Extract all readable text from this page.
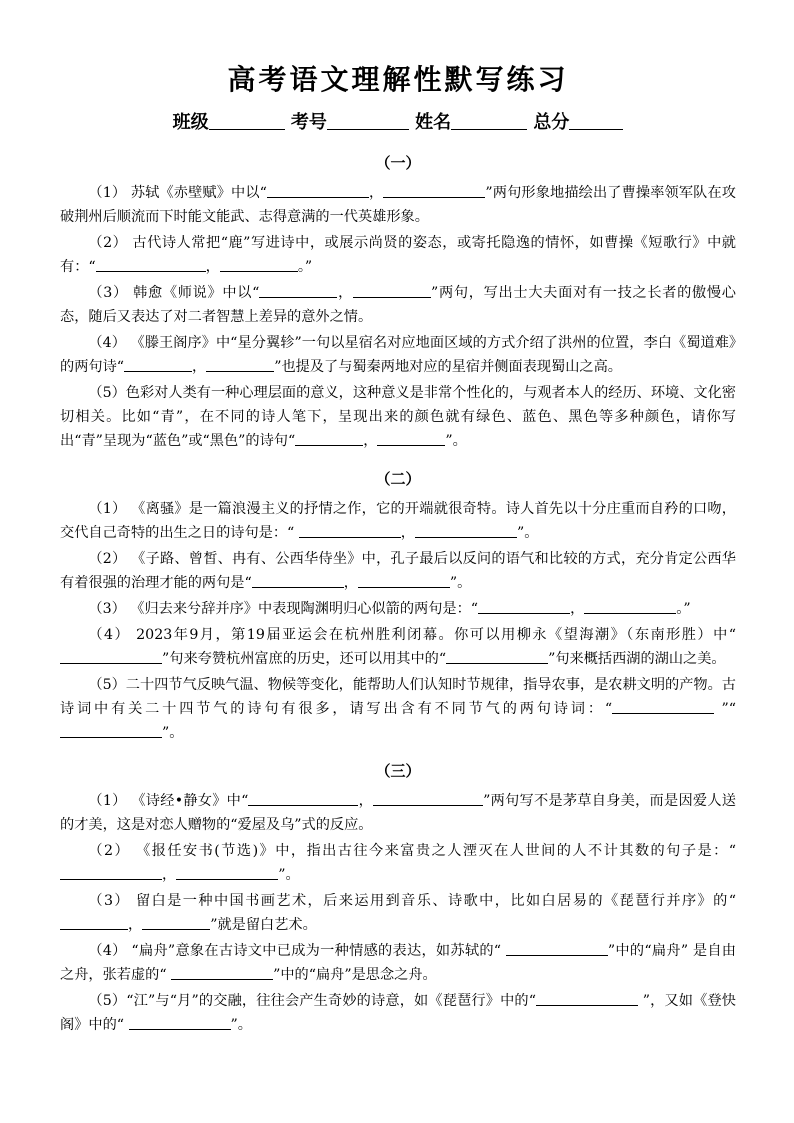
高考语文理解性默写练习
班级	考号	姓名	总分
（一）

（1） 苏轼《赤壁赋》中以“	，	”两句形象地描绘出了曹操率领军队在攻破荆州后顺流而下时能文能武、志得意满的一代英雄形象。

（2） 古代诗人常把“鹿”写进诗中，或展示尚贤的姿态，或寄托隐逸的情怀，如曹操《短歌行》中就有：“	，	。”

（3） 韩愈《师说》中以“	，	”两句，写出士大夫面对有一技之长者的傲慢心态，随后又表达了对二者智慧上差异的意外之情。

（4） 《滕王阁序》中“星分翼轸”一句以星宿名对应地面区域的方式介绍了洪州的位置，李白《蜀道难》的两句诗“	，	”也提及了与蜀秦两地对应的星宿并侧面表现蜀山之高。

（5）色彩对人类有一种心理层面的意义，这种意义是非常个性化的，与观者本人的经历、环境、文化密切相关。比如“青”，在不同的诗人笔下，呈现出来的颜色就有绿色、蓝色、黑色等多种颜色，请你写出“青”呈现为“蓝色”或“黑色”的诗句“	，	”。

（二）

（1） 《离骚》是一篇浪漫主义的抒情之作，它的开端就很奇特。诗人首先以十分庄重而自矜的口吻，交代自己奇特的出生之日的诗句是：“	，	”。

（2） 《子路、曾皙、冉有、公西华侍坐》中，孔子最后以反问的语气和比较的方式，充分肯定公西华有着很强的治理才能的两句是“	，	”。

（3） 《归去来兮辞并序》中表现陶渊明归心似箭的两句是：“	，	。”

（4） 2023年9月，第19届亚运会在杭州胜利闭幕。你可以用柳永《望海潮》（东南形胜）中“”句来夸赞杭州富庶的历史，还可以用其中的“	”句来概括西湖的湖山之美。

（5）二十四节气反映气温、物候等变化，能帮助人们认知时节规律，指导农事，是农耕文明的产物。古诗词中有关二十四节气的诗句有很多，请写出含有不同节气的两句诗词：“	”“”。

（三）

（1） 《诗经•静女》中“	，	”两句写不是茅草自身美，而是因爱人送的才美，这是对恋人赠物的“爱屋及乌”式的反应。

（2） 《报任安书(节选)》中，指出古往今来富贵之人湮灭在人世间的人不计其数的句子是：“，	”。

（3） 留白是一种中国书画艺术，后来运用到音乐、诗歌中，比如白居易的《琵琶行并序》的“，	”就是留白艺术。

（4） “扁舟”意象在古诗文中已成为一种情感的表达，如苏轼的“	”中的“扁舟” 是自由之舟，张若虚的“	”中的“扁舟”是思念之舟。

（5）“江”与“月”的交融，往往会产生奇妙的诗意，如《琵琶行》中的“	”，又如《登快阁》中的“	”。
